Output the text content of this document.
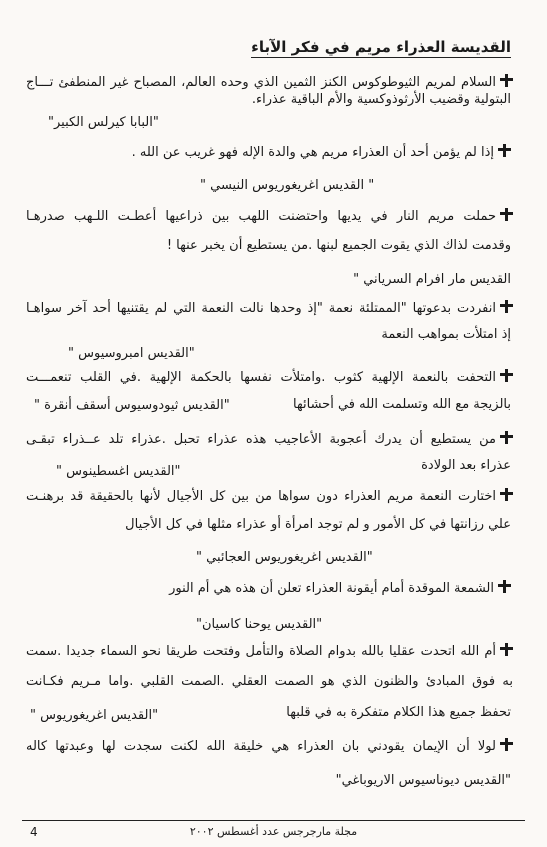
القديسة العذراء مريم في فكر الآباء
السلام لمريم الثيوطوكوس الكنز الثمين الذي وحده العالم، المصباح غير المنطفئ تـــاج
البتولية وقضيب الأرثوذوكسية والأم الباقية عذراء.
"البابا كيرلس الكبير"
إذا لم يؤمن أحد أن العذراء مريم هي والدة الإله فهو غريب عن الله .
" القديس اغريغوريوس النيسي "
حملت مريم النار في يديها واحتضنت اللهب بين ذراعيها أعطـت اللـهب صدرهـا
وقدمت لذاك الذي يقوت الجميع لبنها .من يستطيع أن يخبر عنها !
القديس مار افرام السرياني "
انفردت بدعوتها "الممتلئة نعمة "إذ وحدها نالت النعمة التي لم يقتنيها أحد آخر سواهـا
إذ امتلأت بمواهب النعمة
"القديس امبروسيوس "
التحفت بالنعمة الإلهية كثوب .وامتلأت نفسها بالحكمة الإلهية .في القلب تنعمـــت
بالزيجة مع الله وتسلمت الله في أحشائها
"القديس ثيودوسيوس أسقف أنقرة "
من يستطيع أن يدرك أعجوبة الأعاجيب هذه عذراء تحبل .عذراء تلد عــذراء تبقـى
عذراء بعد الولادة
"القديس اغسطينوس "
اختارت النعمة مريم العذراء دون سواها من بين كل الأجيال لأنها بالحقيقة قد برهنـت
علي رزانتها في كل الأمور و لم توجد امرأة أو عذراء مثلها في كل الأجيال
"القديس اغريغوريوس العجائبي "
الشمعة الموقدة أمام أيقونة العذراء تعلن أن هذه هي أم النور
"القديس يوحنا كاسيان"
أم الله اتحدت عقليا بالله بدوام الصلاة والتأمل وفتحت طريقا نحو السماء جديدا .سمت
به فوق المبادئ والظنون الذي هو الصمت العقلي .الصمت القلبي .واما مـريم فكـانت
تحفظ جميع هذا الكلام متفكرة به في قلبها
"القديس اغريغوريوس "
لولا أن الإيمان يقودني بان العذراء هي خليقة الله لكنت سجدت لها وعبدتها كاله
"القديس ديوناسيوس الاريوباغي"
مجلة مارجرجس عدد أغسطس ٢٠٠٢
4
